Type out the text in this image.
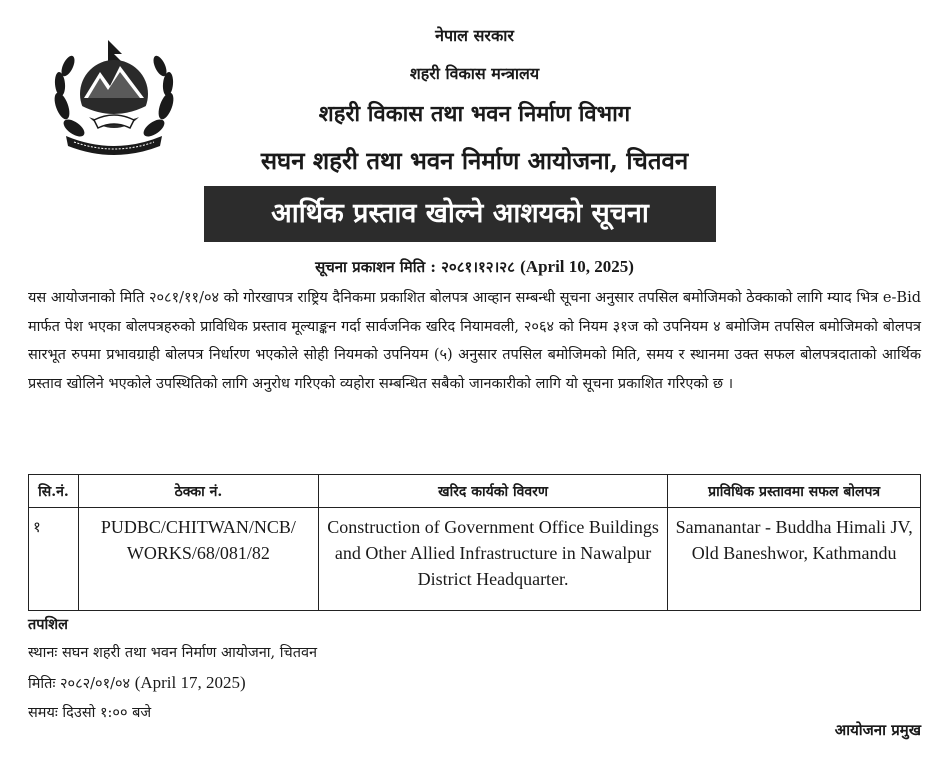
नेपाल सरकार
शहरी विकास मन्त्रालय
शहरी विकास तथा भवन निर्माण विभाग
सघन शहरी तथा भवन निर्माण आयोजना, चितवन
आर्थिक प्रस्ताव खोल्ने आशयको सूचना
सूचना प्रकाशन मिति : २०८१।१२।२८ (April 10, 2025)
यस आयोजनाको मिति २०८१/११/०४ को गोरखापत्र राष्ट्रिय दैनिकमा प्रकाशित बोलपत्र आव्हान सम्बन्धी सूचना अनुसार तपसिल बमोजिमको ठेक्काको लागि म्याद भित्र e-Bid मार्फत पेश भएका बोलपत्रहरुको प्राविधिक प्रस्ताव मूल्याङ्कन गर्दा सार्वजनिक खरिद नियामवली, २०६४ को नियम ३१ज को उपनियम ४ बमोजिम तपसिल बमोजिमको बोलपत्र सारभूत रुपमा प्रभावग्राही बोलपत्र निर्धारण भएकोले सोही नियमको उपनियम (५) अनुसार तपसिल बमोजिमको मिति, समय र स्थानमा उक्त सफल बोलपत्रदाताको आर्थिक प्रस्ताव खोलिने भएकोले उपस्थितिको लागि अनुरोध गरिएको व्यहोरा सम्बन्धित सबैको जानकारीको लागि यो सूचना प्रकाशित गरिएको छ ।
सि.नं.	ठेक्का नं.	खरिद कार्यको विवरण	प्राविधिक प्रस्तावमा सफल बोलपत्र
१	PUDBC/CHITWAN/NCB/ WORKS/68/081/82	Construction of Government Office Buildings and Other Allied Infrastructure in Nawalpur District Headquarter.	Samanantar - Buddha Himali JV, Old Baneshwor, Kathmandu
तपशिल
स्थानः सघन शहरी तथा भवन निर्माण आयोजना, चितवन
मितिः २०८२/०१/०४ (April 17, 2025)
समयः दिउसो १:०० बजे
आयोजना प्रमुख
